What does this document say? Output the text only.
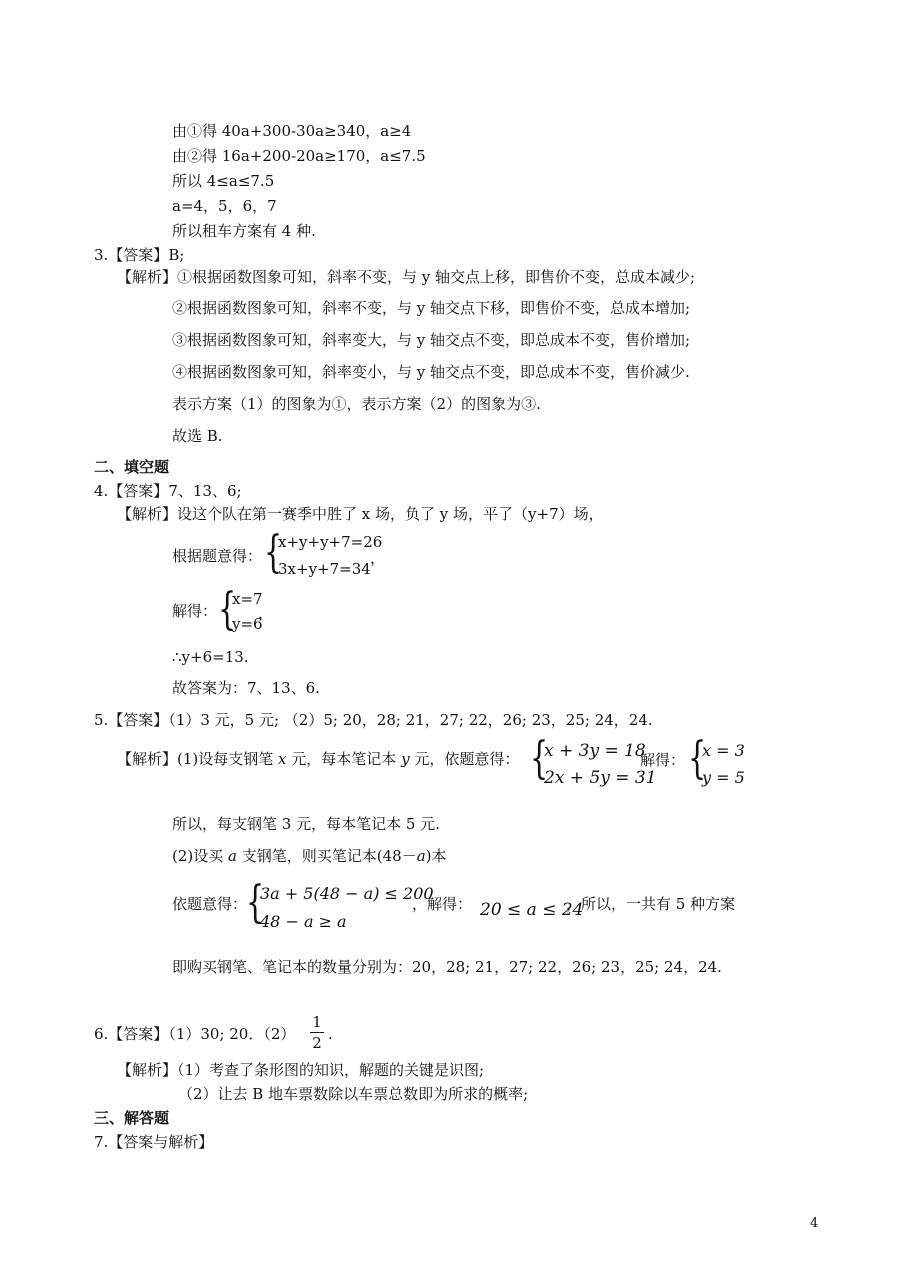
由①得 40a+300-30a≥340，a≥4
由②得 16a+200-20a≥170，a≤7.5
所以 4≤a≤7.5
a=4，5，6，7
所以租车方案有 4 种.
3.【答案】B;
【解析】①根据函数图象可知，斜率不变，与 y 轴交点上移，即售价不变，总成本减少;
②根据函数图象可知，斜率不变，与 y 轴交点下移，即售价不变，总成本增加;
③根据函数图象可知，斜率变大，与 y 轴交点不变，即总成本不变，售价增加;
④根据函数图象可知，斜率变小，与 y 轴交点不变，即总成本不变，售价减少.
表示方案（1）的图象为①，表示方案（2）的图象为③.
故选 B.
二、填空题
4.【答案】7、13、6;
【解析】设这个队在第一赛季中胜了 x 场，负了 y 场，平了（y+7）场，
根据题意得： {
x+y+y+7=26
3x+y+7=34
，
解得： {
x=7
y=6
，
∴y+6=13.
故答案为：7、13、6.
5.【答案】（1）3 元，5 元; （2）5; 20，28; 21，27; 22，26; 23，25; 24，24.
【解析】(1)设每支钢笔 x 元，每本笔记本 y 元，依题意得： {
x + 3y = 18
2x + 5y = 31
解得： {
x = 3
y = 5
所以，每支钢笔 3 元，每本笔记本 5 元.
(2)设买 a 支钢笔，则买笔记本(48－a)本
依题意得：
{
3a + 5(48 − a) ≤ 200
48 − a ≥ a
，解得： 20 ≤ a ≤ 24
，所以，一共有 5 种方案
即购买钢笔、笔记本的数量分别为：20，28; 21，27; 22，26; 23，25; 24，24.
6.【答案】（1）30; 20．（2）
1
2 .
【解析】（1）考查了条形图的知识，解题的关键是识图;
（2）让去 B 地车票数除以车票总数即为所求的概率;
三、解答题
7.【答案与解析】
4
